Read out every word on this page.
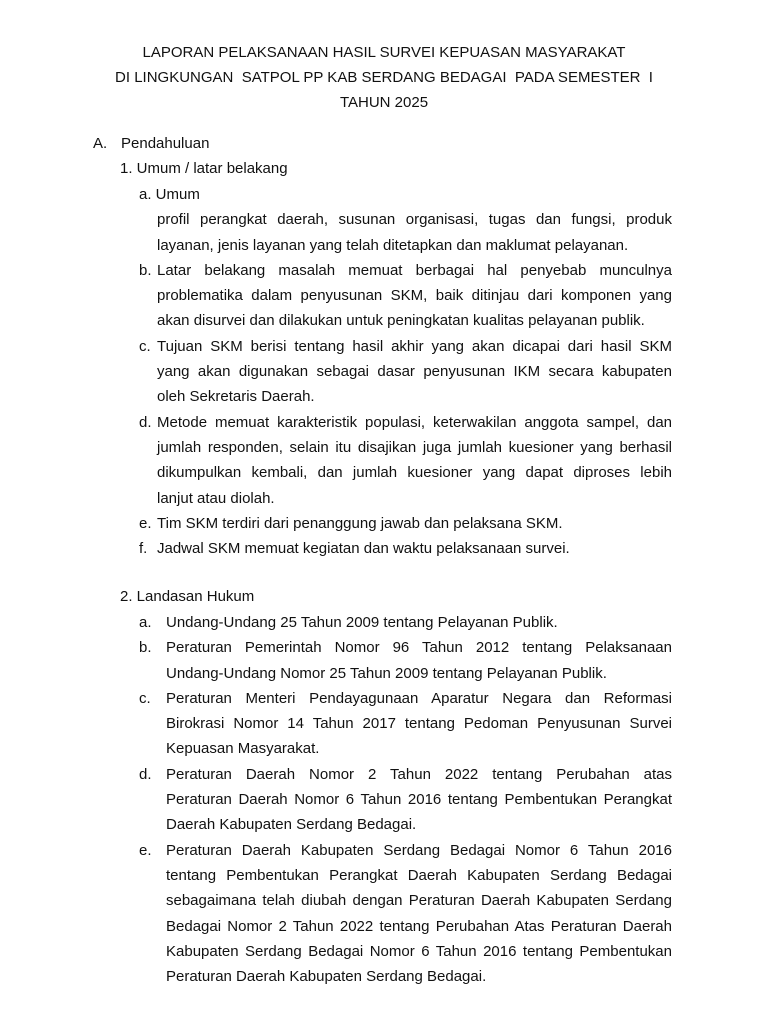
LAPORAN PELAKSANAAN HASIL SURVEI KEPUASAN MASYARAKAT
DI LINGKUNGAN  SATPOL PP KAB SERDANG BEDAGAI  PADA SEMESTER  I
TAHUN 2025
A. Pendahuluan
1. Umum / latar belakang
a. Umum
profil perangkat daerah, susunan organisasi, tugas dan fungsi, produk
layanan, jenis layanan yang telah ditetapkan dan maklumat pelayanan.
b. Latar belakang masalah memuat berbagai hal penyebab munculnya
problematika dalam penyusunan SKM, baik ditinjau dari komponen yang
akan disurvei dan dilakukan untuk peningkatan kualitas pelayanan publik.
c. Tujuan SKM berisi tentang hasil akhir yang akan dicapai dari hasil SKM
yang akan digunakan sebagai dasar penyusunan IKM secara kabupaten
oleh Sekretaris Daerah.
d. Metode memuat karakteristik populasi, keterwakilan anggota sampel, dan
jumlah responden, selain itu disajikan juga jumlah kuesioner yang berhasil
dikumpulkan kembali, dan jumlah kuesioner yang dapat diproses lebih
lanjut atau diolah.
e. Tim SKM terdiri dari penanggung jawab dan pelaksana SKM.
f. Jadwal SKM memuat kegiatan dan waktu pelaksanaan survei.
2. Landasan Hukum
a. Undang-Undang 25 Tahun 2009 tentang Pelayanan Publik.
b. Peraturan Pemerintah Nomor 96 Tahun 2012 tentang Pelaksanaan
Undang-Undang Nomor 25 Tahun 2009 tentang Pelayanan Publik.
c. Peraturan Menteri Pendayagunaan Aparatur Negara dan Reformasi
Birokrasi Nomor 14 Tahun 2017 tentang Pedoman Penyusunan Survei
Kepuasan Masyarakat.
d. Peraturan Daerah Nomor 2 Tahun 2022 tentang Perubahan atas
Peraturan Daerah Nomor 6 Tahun 2016 tentang Pembentukan Perangkat
Daerah Kabupaten Serdang Bedagai.
e. Peraturan Daerah Kabupaten Serdang Bedagai Nomor 6 Tahun 2016
tentang Pembentukan Perangkat Daerah Kabupaten Serdang Bedagai
sebagaimana telah diubah dengan Peraturan Daerah Kabupaten Serdang
Bedagai Nomor 2 Tahun 2022 tentang Perubahan Atas Peraturan Daerah
Kabupaten Serdang Bedagai Nomor 6 Tahun 2016 tentang Pembentukan
Peraturan Daerah Kabupaten Serdang Bedagai.
